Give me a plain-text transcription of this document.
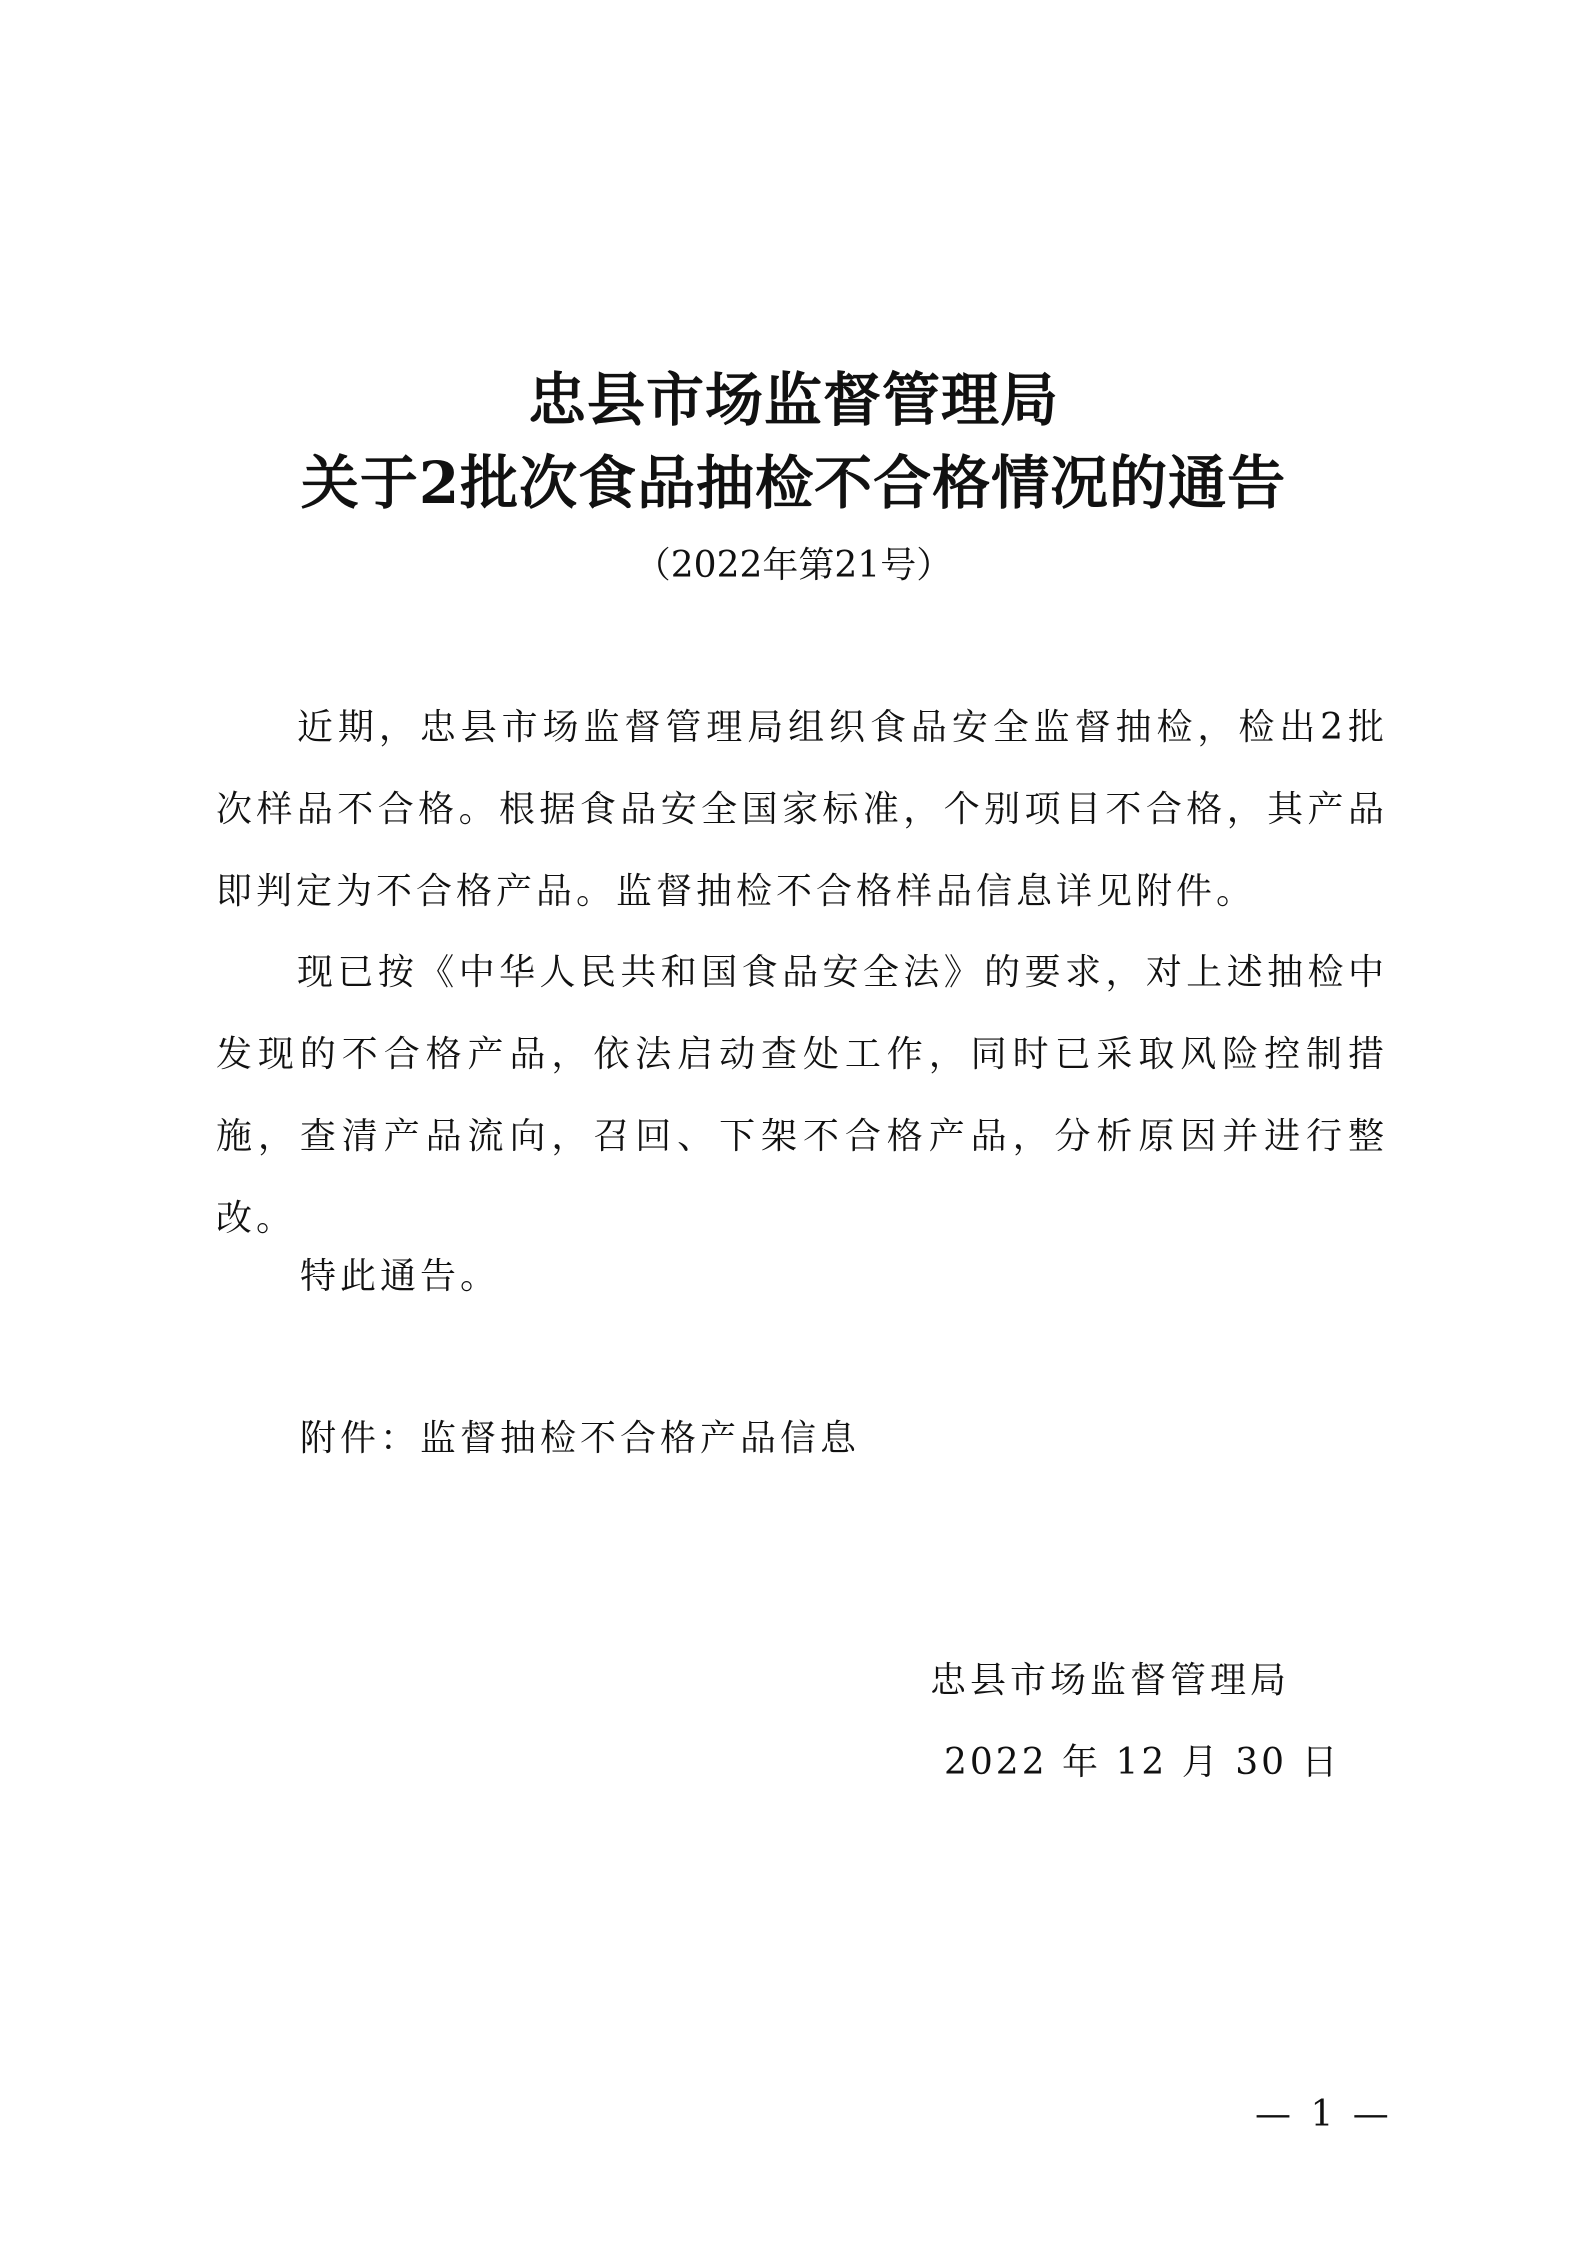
忠县市场监督管理局
关于2批次食品抽检不合格情况的通告
（2022年第21号）

近期，忠县市场监督管理局组织食品安全监督抽检，检出2批次样品不合格。根据食品安全国家标准，个别项目不合格，其产品即判定为不合格产品。监督抽检不合格样品信息详见附件。

现已按《中华人民共和国食品安全法》的要求，对上述抽检中发现的不合格产品，依法启动查处工作，同时已采取风险控制措施，查清产品流向，召回、下架不合格产品，分析原因并进行整改。

特此通告。
附件：监督抽检不合格产品信息
忠县市场监督管理局
2022 年 12 月 30 日
— 1 —
